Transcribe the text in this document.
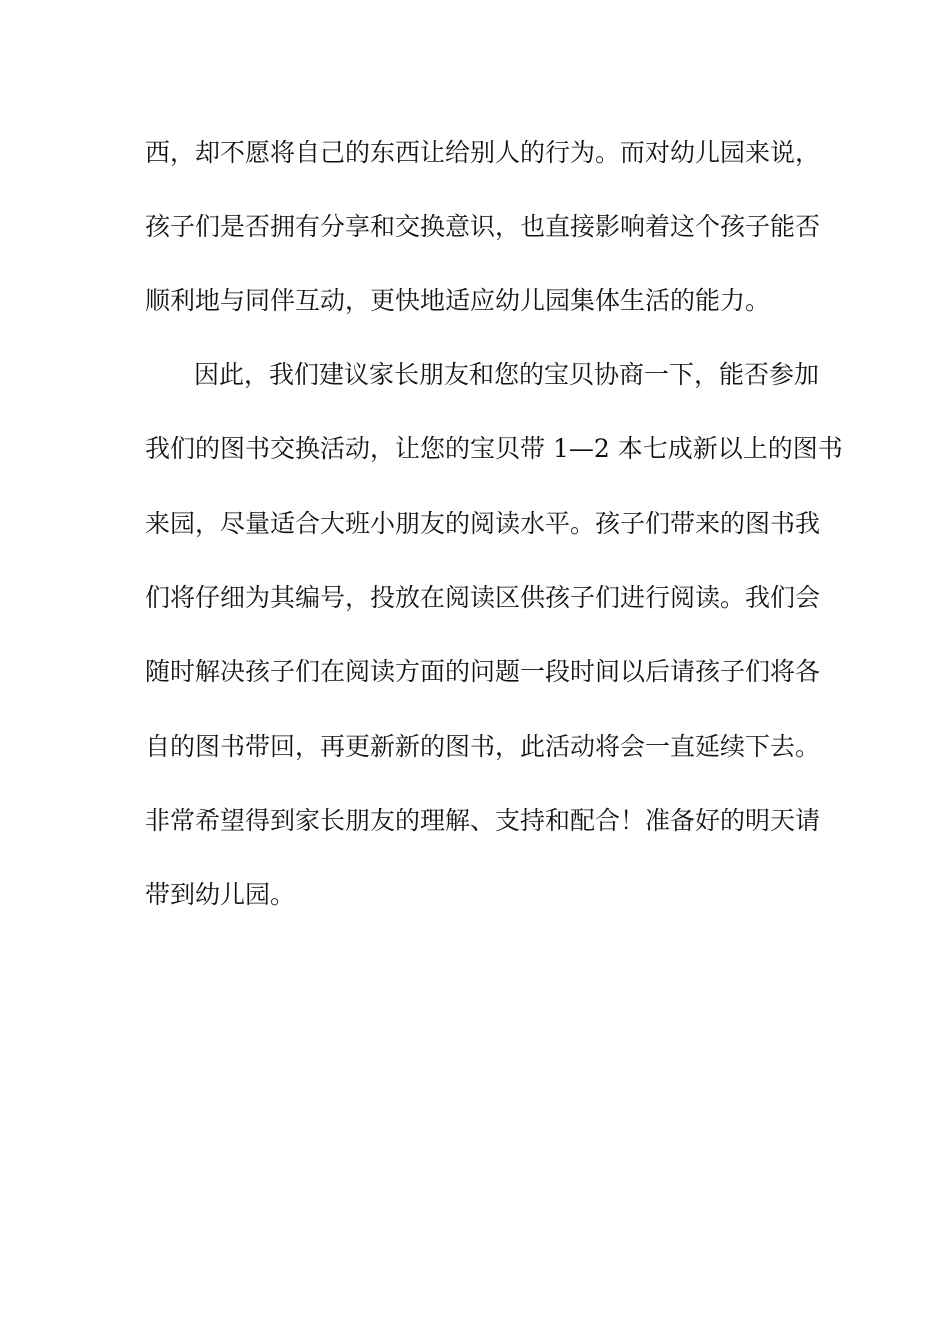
西，却不愿将自己的东西让给别人的行为。而对幼儿园来说，
孩子们是否拥有分享和交换意识，也直接影响着这个孩子能否
顺利地与同伴互动，更快地适应幼儿园集体生活的能力。
因此，我们建议家长朋友和您的宝贝协商一下，能否参加
我们的图书交换活动，让您的宝贝带 1—2 本七成新以上的图书
来园，尽量适合大班小朋友的阅读水平。孩子们带来的图书我
们将仔细为其编号，投放在阅读区供孩子们进行阅读。我们会
随时解决孩子们在阅读方面的问题一段时间以后请孩子们将各
自的图书带回，再更新新的图书，此活动将会一直延续下去。
非常希望得到家长朋友的理解、支持和配合！准备好的明天请
带到幼儿园。
